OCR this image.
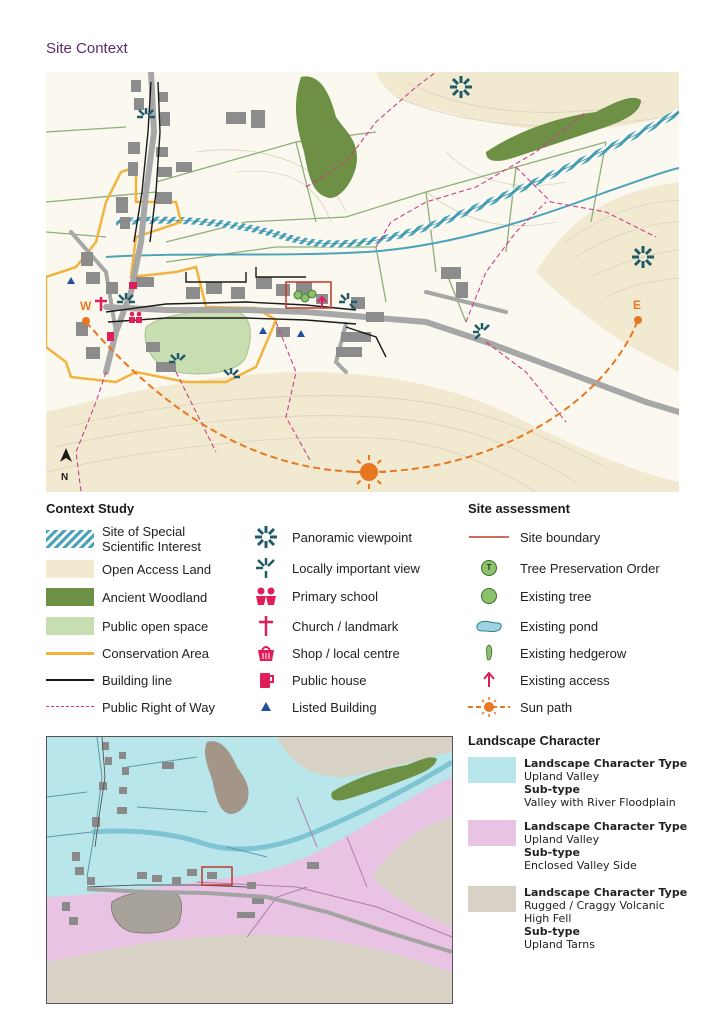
Site Context
W	E
N
Context Study
Site of Special
Scientific Interest
Open Access Land
Ancient Woodland
Public open space
Conservation Area
Building line
Public Right of Way
Panoramic viewpoint
Locally important view
Primary school
Church / landmark
Shop / local centre
Public house
Listed Building
Site assessment
Site boundary
T	Tree Preservation Order
Existing tree
Existing pond
Existing hedgerow
Existing access
Sun path
Landscape Character
Landscape Character Type
Upland Valley
Sub-type
Valley with River Floodplain
Landscape Character Type
Upland Valley
Sub-type
Enclosed Valley Side
Landscape Character Type
Rugged / Craggy Volcanic
High Fell
Sub-type
Upland Tarns
